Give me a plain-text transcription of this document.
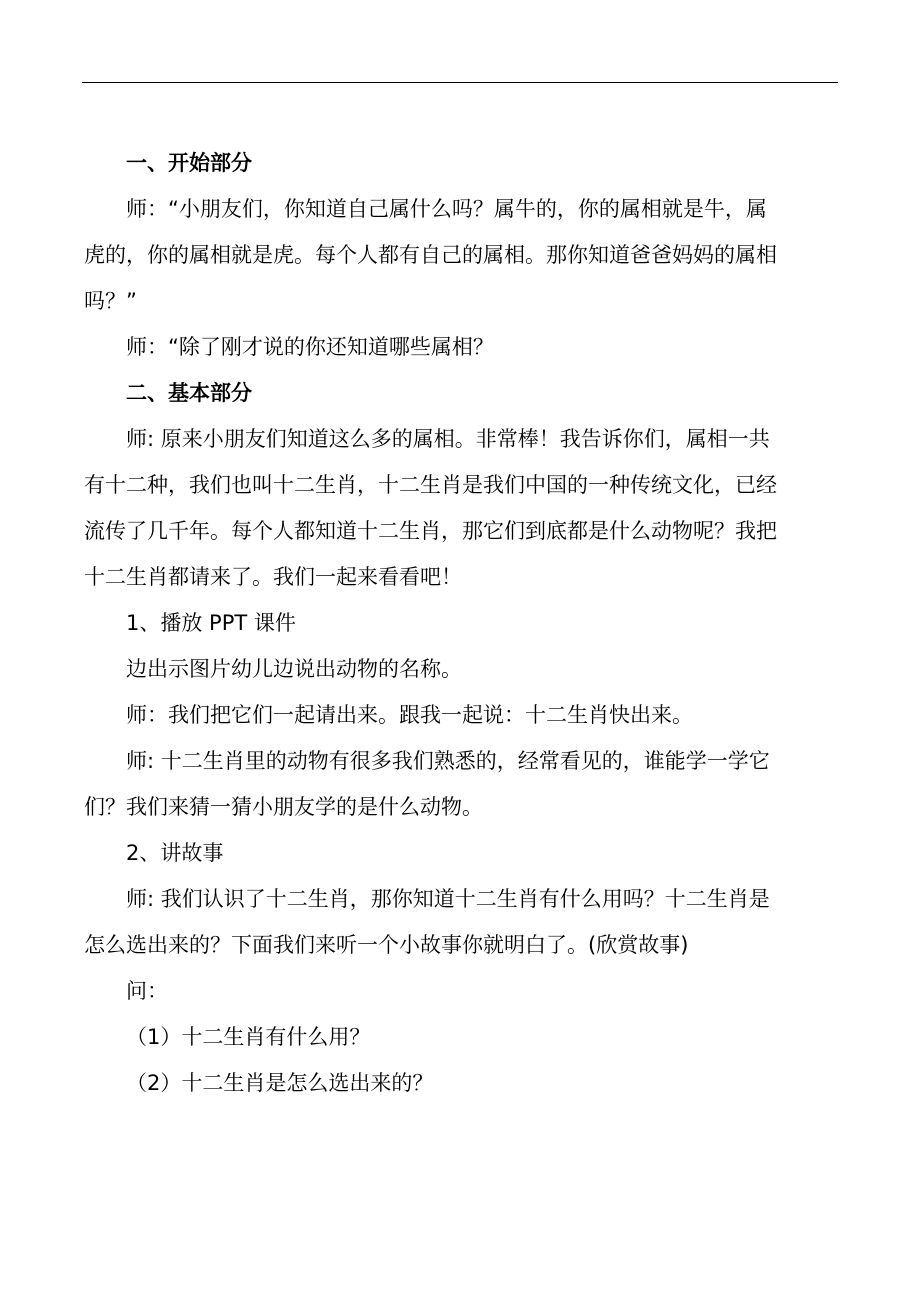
一、开始部分

师：“小朋友们，你知道自己属什么吗？属牛的，你的属相就是牛，属

虎的，你的属相就是虎。每个人都有自己的属相。那你知道爸爸妈妈的属相

吗？”

师：“除了刚才说的你还知道哪些属相？

二、基本部分

师: 原来小朋友们知道这么多的属相。非常棒！我告诉你们，属相一共

有十二种，我们也叫十二生肖，十二生肖是我们中国的一种传统文化，已经

流传了几千年。每个人都知道十二生肖，那它们到底都是什么动物呢？我把

十二生肖都请来了。我们一起来看看吧！

1、播放 PPT 课件

边出示图片幼儿边说出动物的名称。

师：我们把它们一起请出来。跟我一起说：十二生肖快出来。

师: 十二生肖里的动物有很多我们熟悉的，经常看见的，谁能学一学它

们？我们来猜一猜小朋友学的是什么动物。

2、讲故事

师: 我们认识了十二生肖，那你知道十二生肖有什么用吗？十二生肖是

怎么选出来的？下面我们来听一个小故事你就明白了。(欣赏故事)

问：

（1）十二生肖有什么用？

（2）十二生肖是怎么选出来的？
